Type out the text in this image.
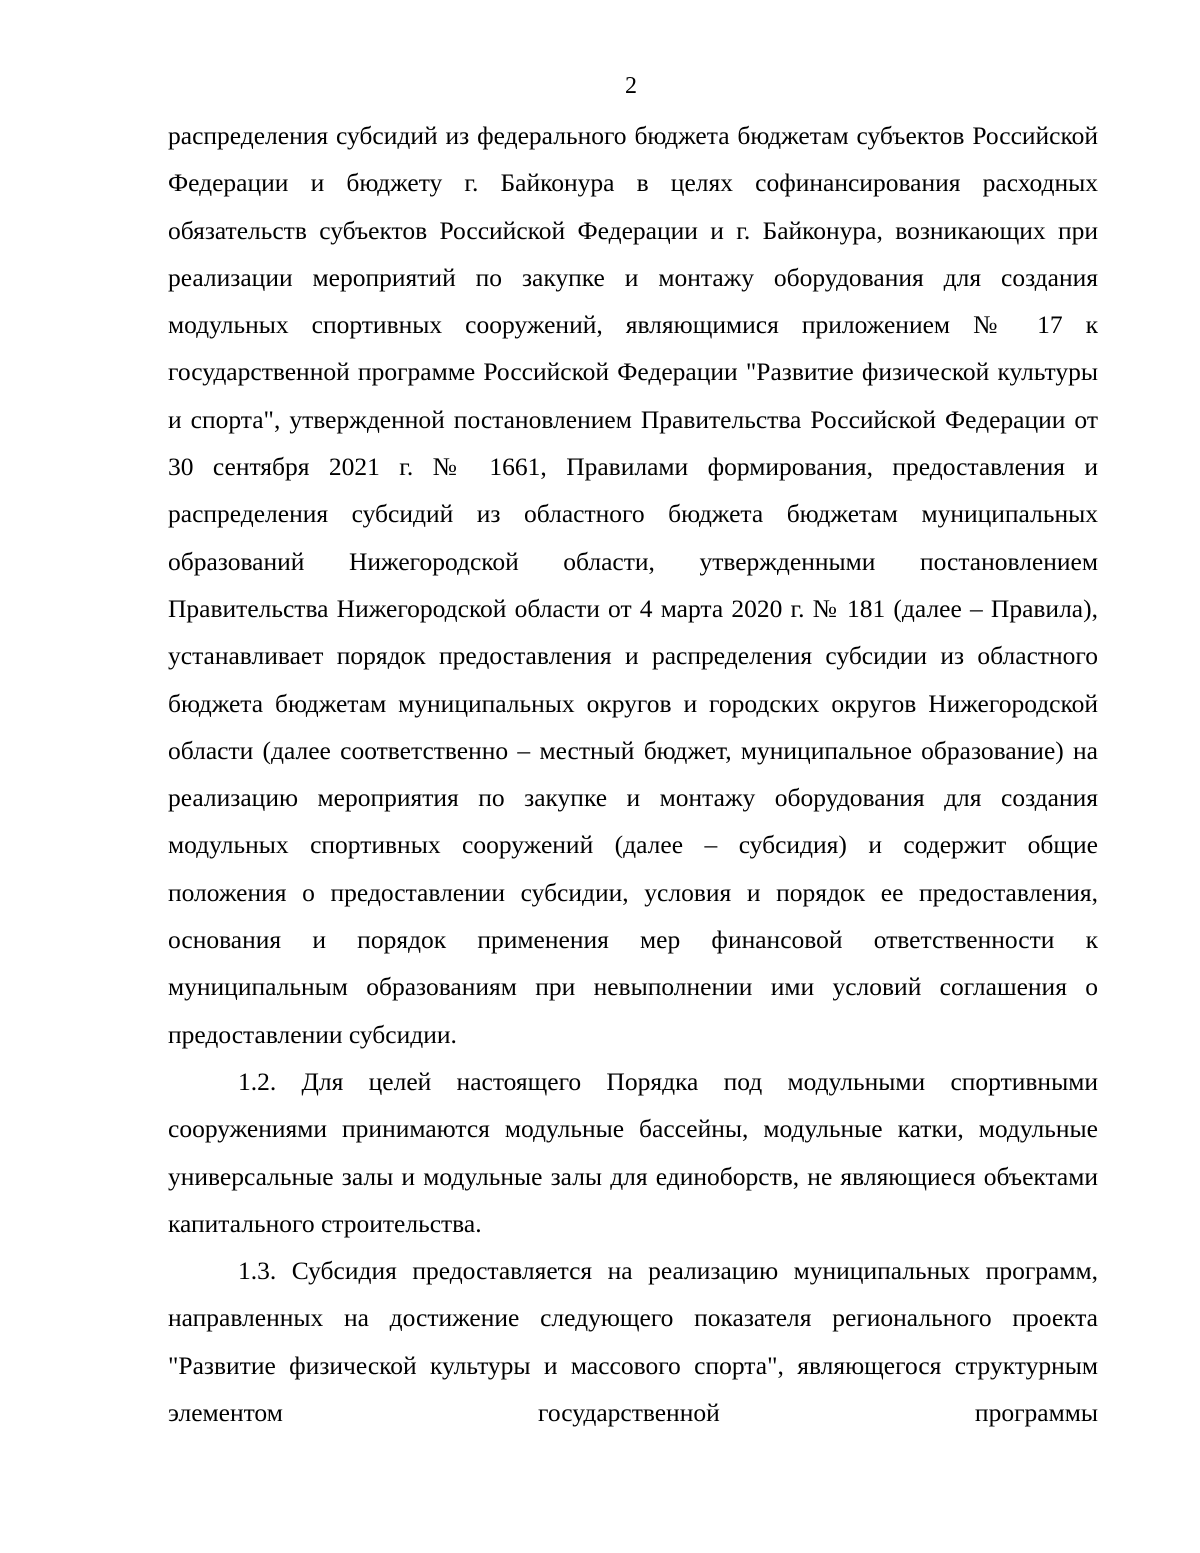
2

распределения субсидий из федерального бюджета бюджетам субъектов Российской Федерации и бюджету г. Байконура в целях софинансирования расходных обязательств субъектов Российской Федерации и г. Байконура, возникающих при реализации мероприятий по закупке и монтажу оборудования для создания модульных спортивных сооружений, являющимися приложением № 17 к государственной программе Российской Федерации "Развитие физической культуры и спорта", утвержденной постановлением Правительства Российской Федерации от 30 сентября 2021 г. № 1661, Правилами формирования, предоставления и распределения субсидий из областного бюджета бюджетам муниципальных образований Нижегородской области, утвержденными постановлением Правительства Нижегородской области от 4 марта 2020 г. № 181 (далее – Правила), устанавливает порядок предоставления и распределения субсидии из областного бюджета бюджетам муниципальных округов и городских округов Нижегородской области (далее соответственно – местный бюджет, муниципальное образование) на реализацию мероприятия по закупке и монтажу оборудования для создания модульных спортивных сооружений (далее – субсидия) и содержит общие положения о предоставлении субсидии, условия и порядок ее предоставления, основания и порядок применения мер финансовой ответственности к муниципальным образованиям при невыполнении ими условий соглашения о предоставлении субсидии.

1.2. Для целей настоящего Порядка под модульными спортивными сооружениями принимаются модульные бассейны, модульные катки, модульные универсальные залы и модульные залы для единоборств, не являющиеся объектами капитального строительства.

1.3. Субсидия предоставляется на реализацию муниципальных программ, направленных на достижение следующего показателя регионального проекта "Развитие физической культуры и массового спорта", являющегося структурным элементом государственной программы
